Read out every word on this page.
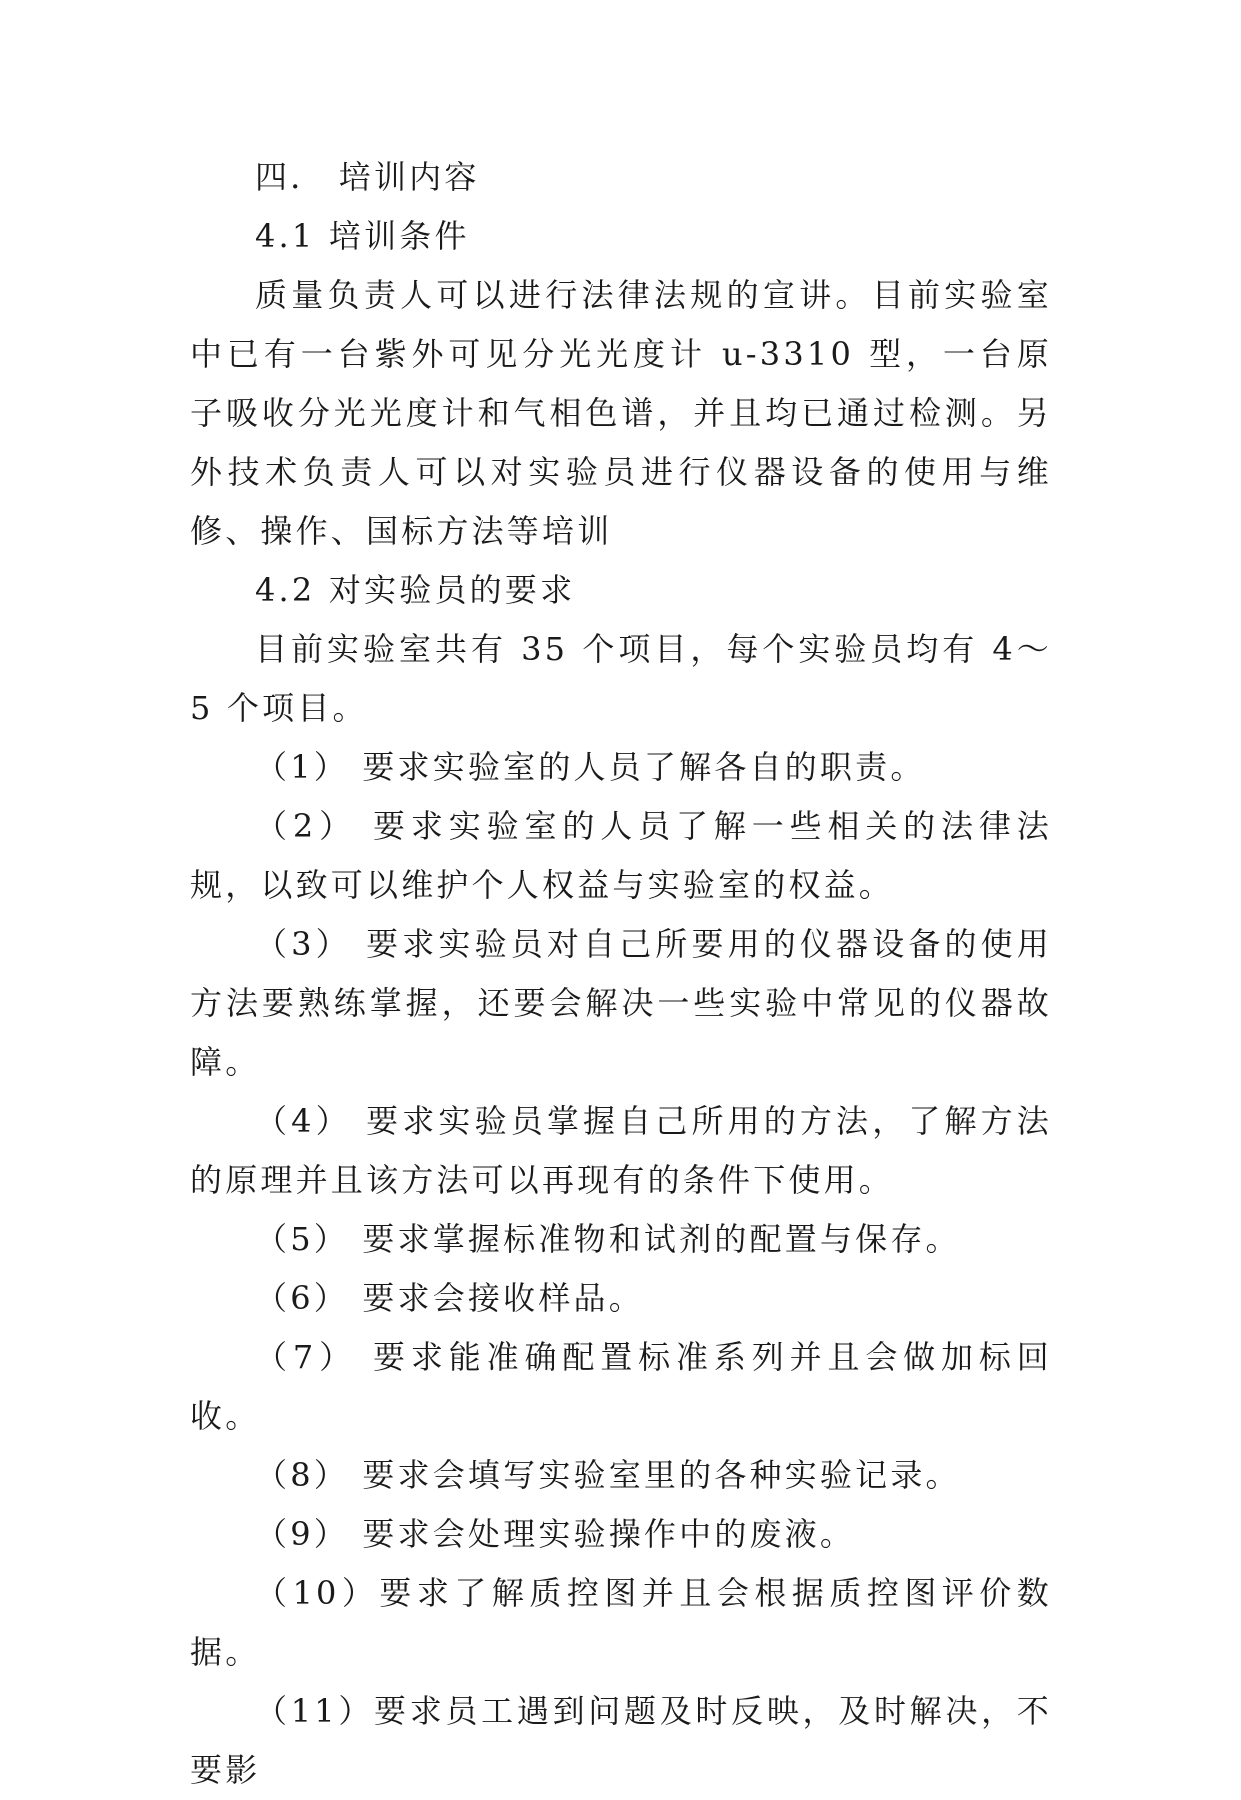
四． 培训内容

4.1 培训条件

质量负责人可以进行法律法规的宣讲。目前实验室中已有一台紫外可见分光光度计 u-3310 型，一台原子吸收分光光度计和气相色谱，并且均已通过检测。另外技术负责人可以对实验员进行仪器设备的使用与维修、操作、国标方法等培训

4.2 对实验员的要求

目前实验室共有 35 个项目，每个实验员均有 4～5 个项目。

（1） 要求实验室的人员了解各自的职责。

（2） 要求实验室的人员了解一些相关的法律法规，以致可以维护个人权益与实验室的权益。

（3） 要求实验员对自己所要用的仪器设备的使用方法要熟练掌握，还要会解决一些实验中常见的仪器故障。

（4） 要求实验员掌握自己所用的方法，了解方法的原理并且该方法可以再现有的条件下使用。

（5） 要求掌握标准物和试剂的配置与保存。

（6） 要求会接收样品。

（7） 要求能准确配置标准系列并且会做加标回收。

（8） 要求会填写实验室里的各种实验记录。

（9） 要求会处理实验操作中的废液。

（10）要求了解质控图并且会根据质控图评价数据。

（11）要求员工遇到问题及时反映，及时解决，不要影
